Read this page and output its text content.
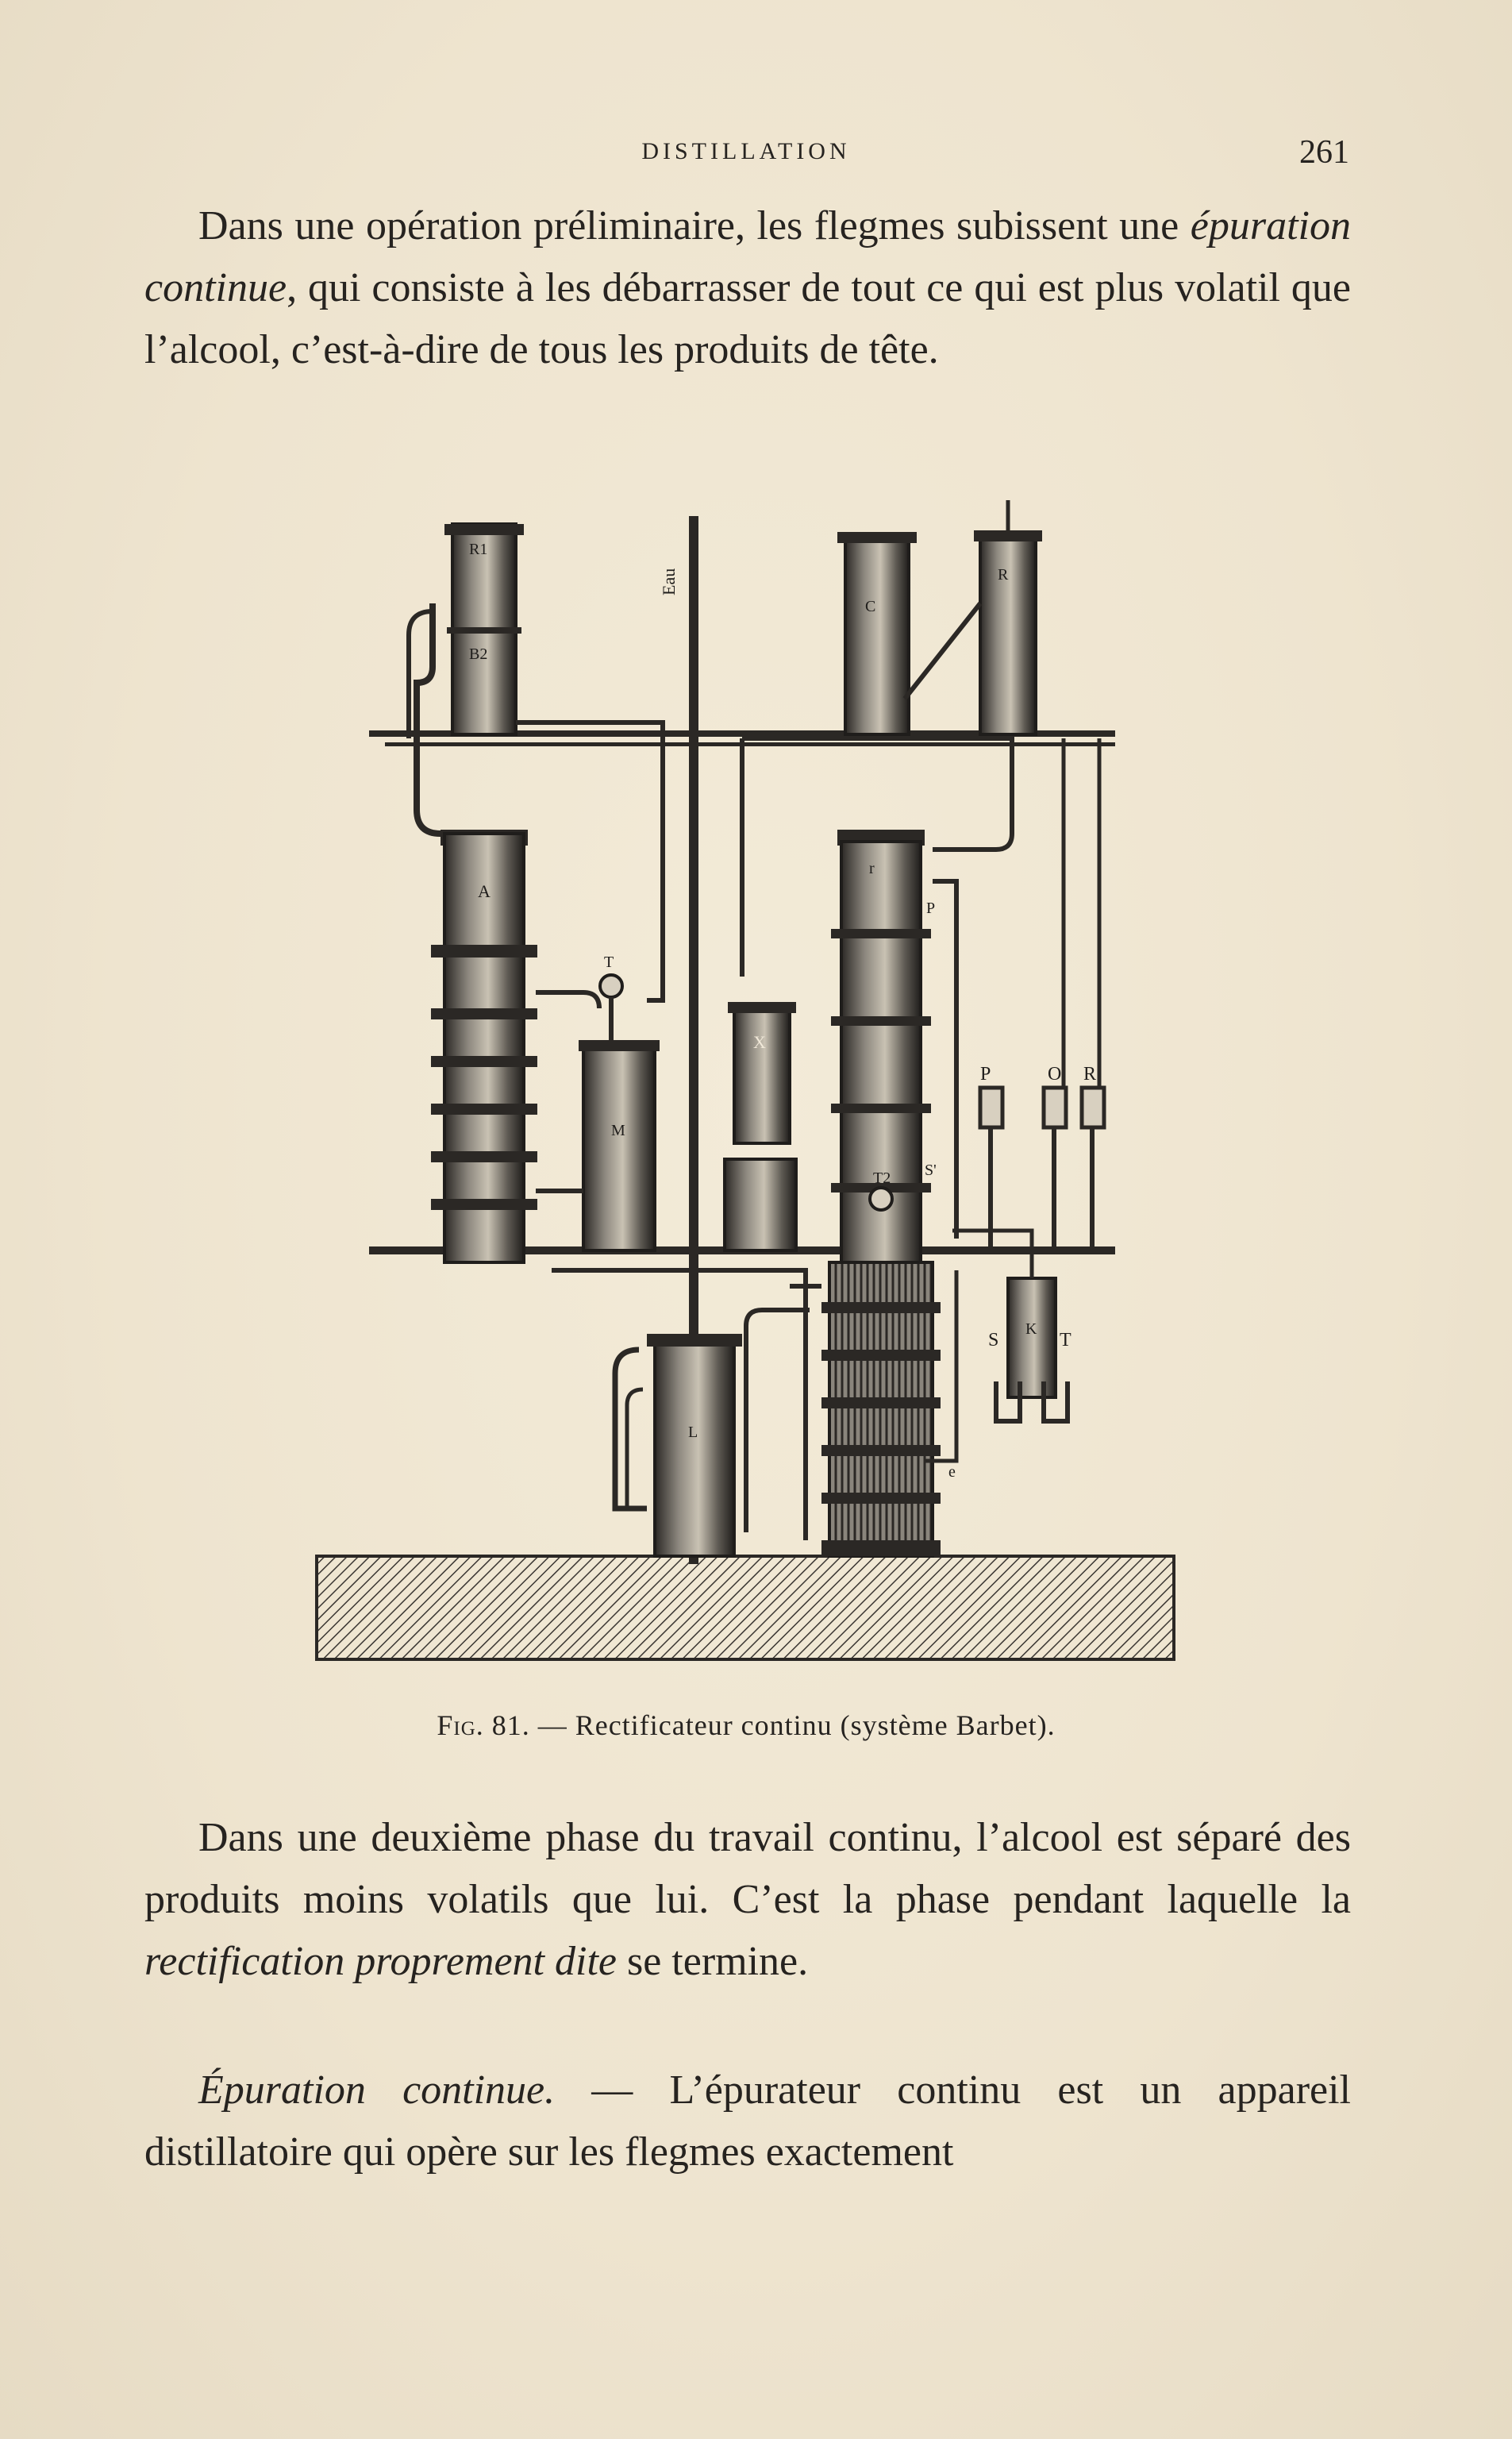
DISTILLATION	261
Dans une opération préliminaire, les flegmes subissent une épuration continue, qui consiste à les débarrasser de tout ce qui est plus volatil que l’alcool, c’est-à-dire de tous les produits de tête.
R1
B2
A
T
M
X
C
R
r
P
S'
T2
P	O R
S
K
T
L
e
Eau
Fig. 81. — Rectificateur continu (système Barbet).
Dans une deuxième phase du travail continu, l’alcool est séparé des produits moins volatils que lui. C’est la phase pendant laquelle la rectification proprement dite se termine.
Épuration continue. — L’épurateur continu est un appareil distillatoire qui opère sur les flegmes exactement
